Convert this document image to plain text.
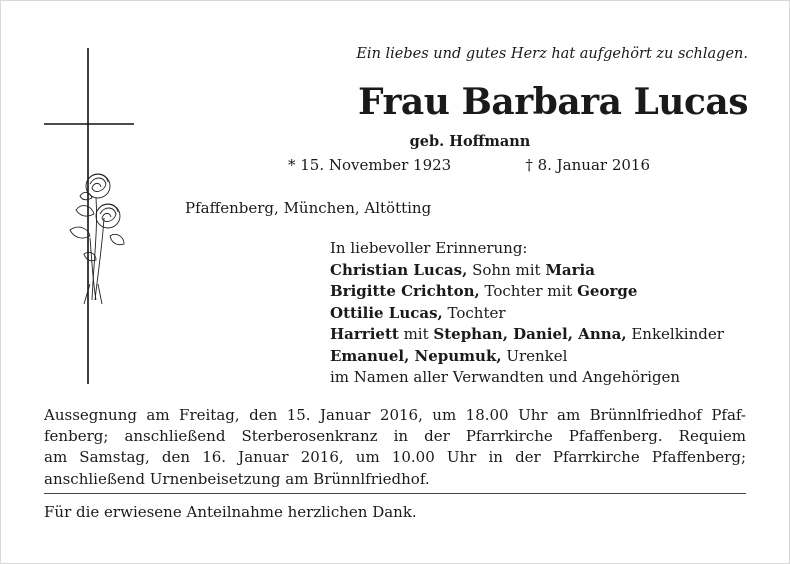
Ein liebes und gutes Herz hat aufgehört zu schlagen.
Frau Barbara Lucas
geb. Hoffmann
* 15. November 1923	† 8. Januar 2016
Pfaffenberg, München, Altötting
In liebevoller Erinnerung:
Christian Lucas, Sohn mit Maria
Brigitte Crichton, Tochter mit George
Ottilie Lucas, Tochter
Harriett mit Stephan, Daniel, Anna, Enkelkinder
Emanuel, Nepumuk, Urenkel
im Namen aller Verwandten und Angehörigen
Aussegnung am Freitag, den 15. Januar 2016, um 18.00 Uhr am Brünnlfriedhof Pfaf-
fenberg; anschließend Sterberosenkranz in der Pfarrkirche Pfaffenberg. Requiem
am Samstag, den 16. Januar 2016, um 10.00 Uhr in der Pfarrkirche Pfaffenberg;
anschließend Urnenbeisetzung am Brünnlfriedhof.
Für die erwiesene Anteilnahme herzlichen Dank.
